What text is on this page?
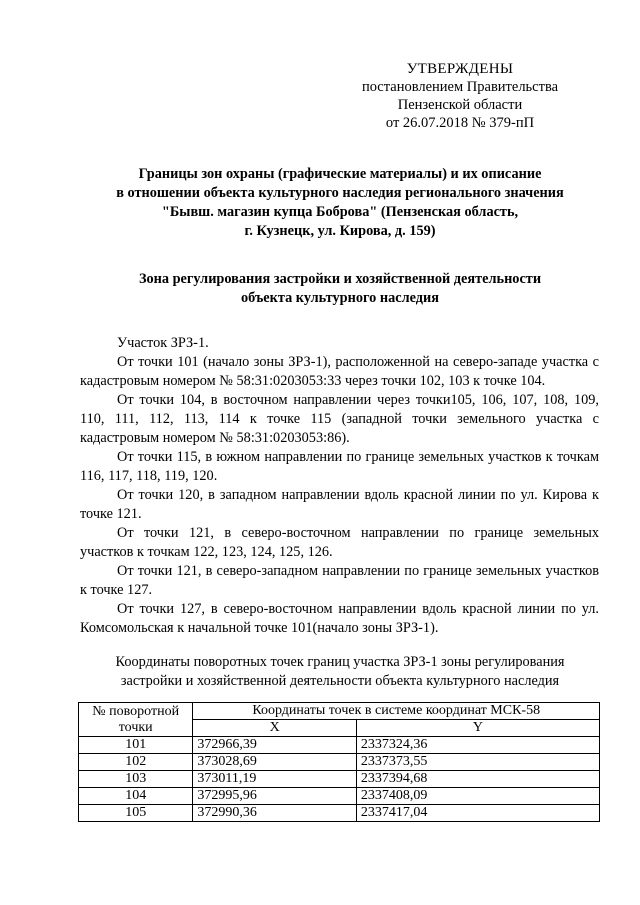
УТВЕРЖДЕНЫ
постановлением Правительства
Пензенской области
от 26.07.2018 № 379-пП
Границы зон охраны (графические материалы) и их описание
в отношении объекта культурного наследия регионального значения
"Бывш. магазин купца Боброва" (Пензенская область,
г. Кузнецк, ул. Кирова, д. 159)
Зона регулирования застройки и хозяйственной деятельности
объекта культурного наследия

Участок ЗРЗ-1.

От точки 101 (начало зоны ЗРЗ-1), расположенной на северо-западе участка с кадастровым номером № 58:31:0203053:33 через точки 102, 103 к точке 104.

От точки 104, в восточном направлении через точки105, 106, 107, 108, 109, 110, 111, 112, 113, 114 к точке 115 (западной точки земельного участка с кадастровым номером № 58:31:0203053:86).

От точки 115, в южном направлении по границе земельных участков к точкам 116, 117, 118, 119, 120.

От точки 120, в западном направлении вдоль красной линии по ул. Кирова к точке 121.

От точки 121, в северо-восточном направлении по границе земельных участков к точкам 122, 123, 124, 125, 126.

От точки 121, в северо-западном направлении по границе земельных участков к точке 127.

От точки 127, в северо-восточном направлении вдоль красной линии по ул. Комсомольская к начальной точке 101(начало зоны ЗРЗ-1).

Координаты поворотных точек границ участка ЗРЗ-1 зоны регулирования
застройки и хозяйственной деятельности объекта культурного наследия
№ поворотной
точки	Координаты точек в системе координат МСК-58	
	X	Y
101	372966,39	2337324,36
102	373028,69	2337373,55
103	373011,19	2337394,68
104	372995,96	2337408,09
105	372990,36	2337417,04
